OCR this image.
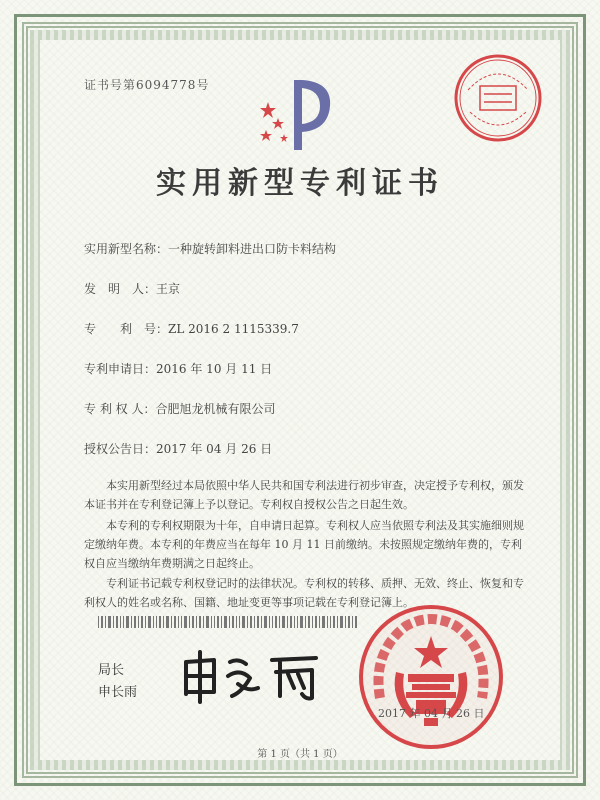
证书号第6094778号
实用新型专利证书
实用新型名称：一种旋转卸料进出口防卡料结构
发　明　人：王京
专　　利　号：ZL 2016 2 1115339.7
专利申请日：2016 年 10 月 11 日
专 利 权 人：合肥旭龙机械有限公司
授权公告日：2017 年 04 月 26 日

本实用新型经过本局依照中华人民共和国专利法进行初步审查，决定授予专利权，颁发本证书并在专利登记簿上予以登记。专利权自授权公告之日起生效。

本专利的专利权期限为十年，自申请日起算。专利权人应当依照专利法及其实施细则规定缴纳年费。本专利的年费应当在每年 10 月 11 日前缴纳。未按照规定缴纳年费的，专利权自应当缴纳年费期满之日起终止。

专利证书记载专利权登记时的法律状况。专利权的转移、质押、无效、终止、恢复和专利权人的姓名或名称、国籍、地址变更等事项记载在专利登记簿上。

局长
申长雨
2017 年 04 月 26 日
第 1 页（共 1 页）
